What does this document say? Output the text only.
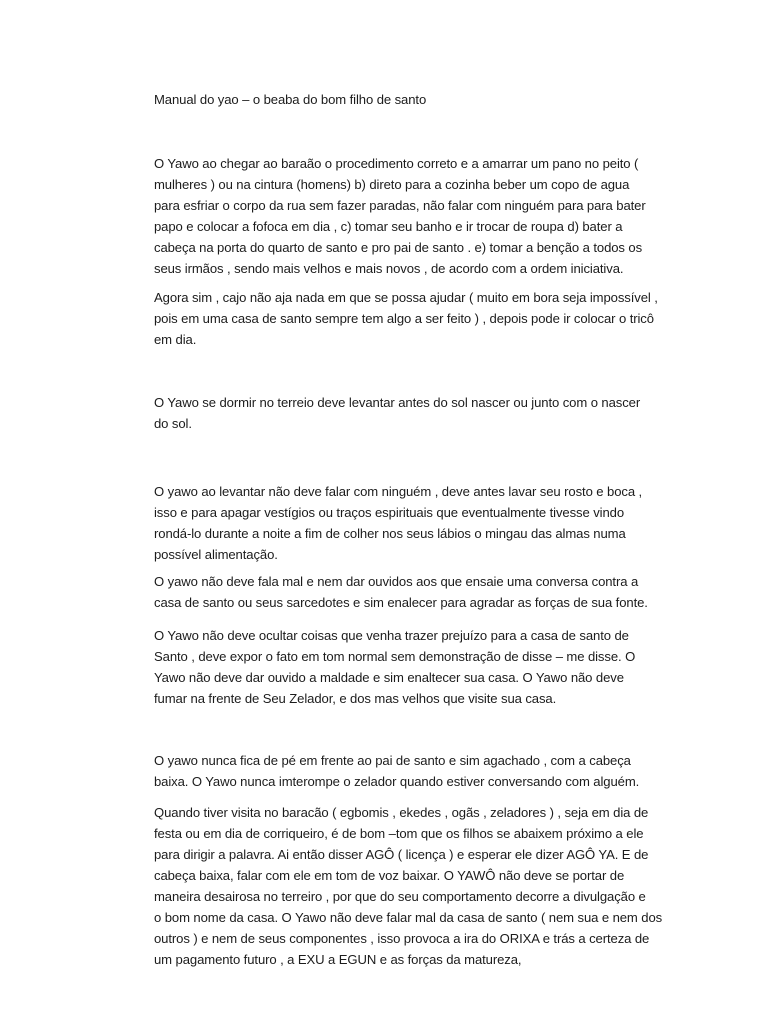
Manual do yao – o beaba do bom filho de santo

O Yawo ao chegar ao baraão o procedimento correto e a amarrar um pano no peito (
mulheres ) ou na cintura (homens) b) direto para a cozinha beber um copo de agua
para esfriar o corpo da rua sem fazer paradas, não falar com ninguém para para bater
papo e colocar a fofoca em dia , c) tomar seu banho e ir trocar de roupa d) bater a
cabeça na porta do quarto de santo e pro pai de santo . e) tomar a benção a todos os
seus irmãos , sendo mais velhos e mais novos , de acordo com a ordem iniciativa.

Agora sim , cajo não aja nada em que se possa ajudar ( muito em bora seja impossível ,
pois em uma casa de santo sempre tem algo a ser feito ) , depois pode ir colocar o tricô
em dia.

O Yawo se dormir no terreio deve levantar antes do sol nascer ou junto com o nascer
do sol.

O yawo ao levantar não deve falar com ninguém , deve antes lavar seu rosto e boca ,
isso e para apagar vestígios ou traços espirituais que eventualmente tivesse vindo
rondá-lo durante a noite a fim de colher nos seus lábios o mingau das almas numa
possível alimentação.

O yawo não deve fala mal e nem dar ouvidos aos que ensaie uma conversa contra a
casa de santo ou seus sarcedotes e sim enalecer para agradar as forças de sua fonte.

O Yawo não deve ocultar coisas que venha trazer prejuízo para a casa de santo de
Santo , deve expor o fato em tom normal sem demonstração de disse – me disse. O
Yawo não deve dar ouvido a maldade e sim enaltecer sua casa. O Yawo não deve
fumar na frente de Seu Zelador, e dos mas velhos que visite sua casa.

O yawo nunca fica de pé em frente ao pai de santo e sim agachado , com a cabeça
baixa. O Yawo nunca imterompe o zelador quando estiver conversando com alguém.

Quando tiver visita no baracão ( egbomis , ekedes , ogãs , zeladores ) , seja em dia de
festa ou em dia de corriqueiro, é de bom –tom que os filhos se abaixem próximo a ele
para dirigir a palavra. Ai então disser AGÔ ( licença ) e esperar ele dizer AGÔ YA. E de
cabeça baixa, falar com ele em tom de voz baixar. O YAWÔ não deve se portar de
maneira desairosa no terreiro , por que do seu comportamento decorre a divulgação e
o bom nome da casa. O Yawo não deve falar mal da casa de santo ( nem sua e nem dos
outros ) e nem de seus componentes , isso provoca a ira do ORIXA e trás a certeza de
um pagamento futuro , a EXU a EGUN e as forças da matureza,
